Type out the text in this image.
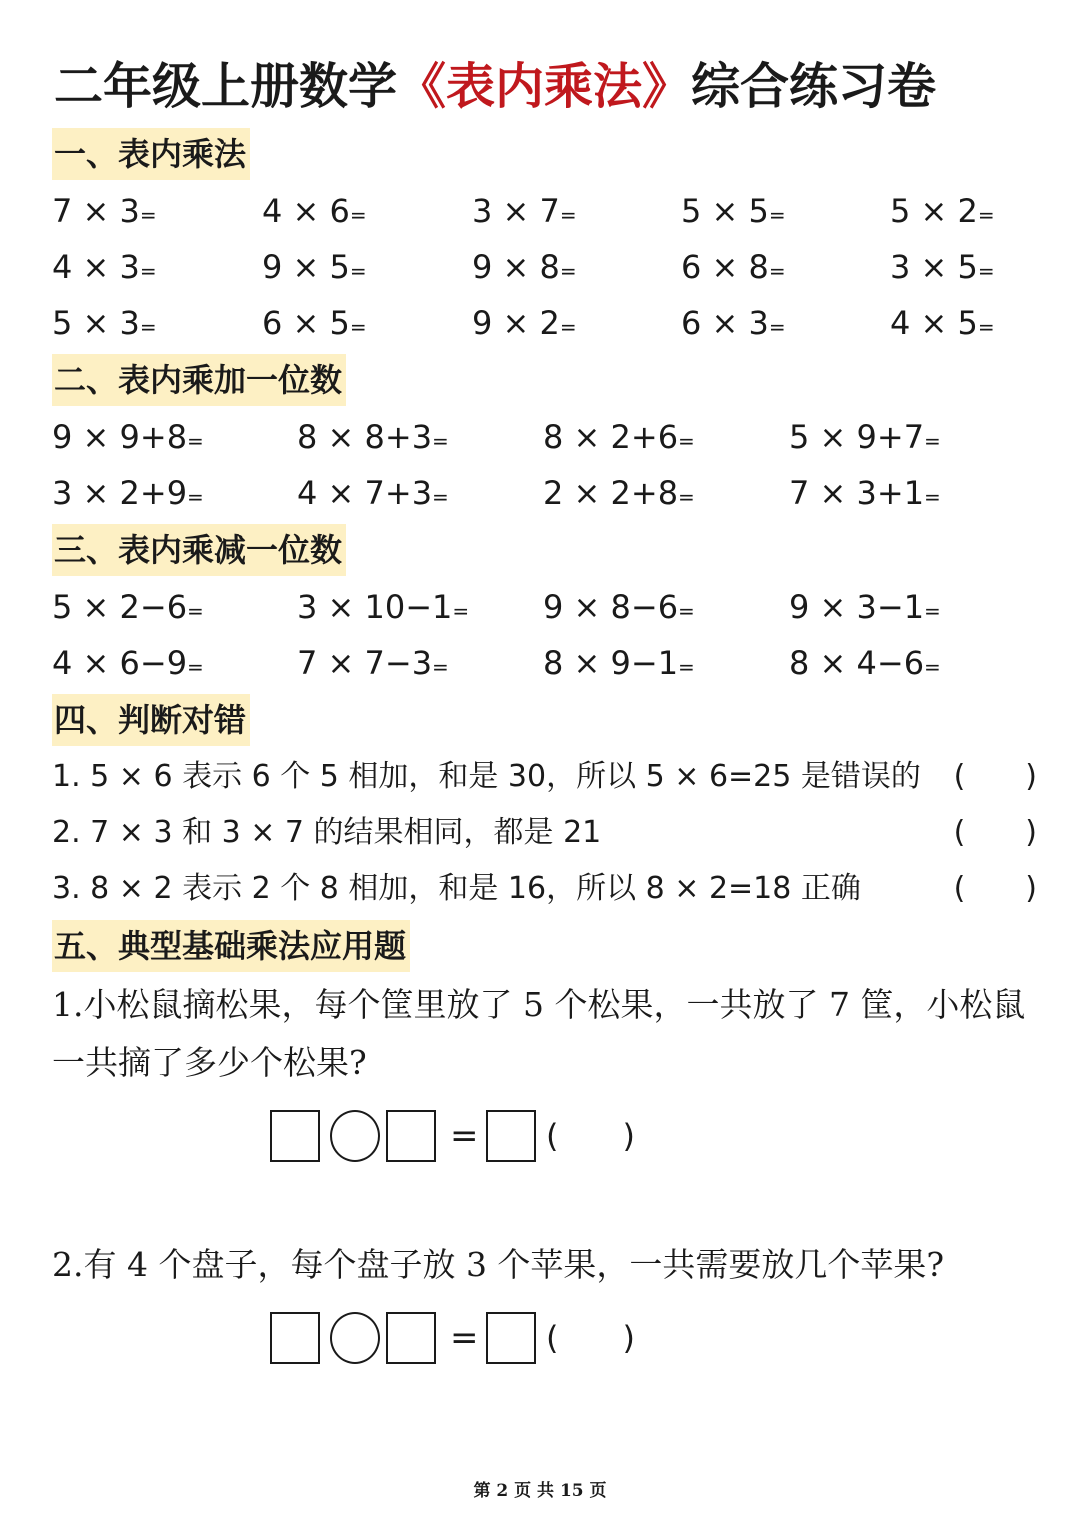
二年级上册数学《表内乘法》综合练习卷
一、表内乘法
7 × 3=	4 × 6=	3 × 7=	5 × 5=	5 × 2=
4 × 3=	9 × 5=	9 × 8=	6 × 8=	3 × 5=
5 × 3=	6 × 5=	9 × 2=	6 × 3=	4 × 5=
二、表内乘加一位数
9 × 9+8=	8 × 8+3=	8 × 2+6=	5 × 9+7=
3 × 2+9=	4 × 7+3=	2 × 2+8=	7 × 3+1=
三、表内乘减一位数
5 × 2−6=	3 × 10−1= 9 × 8−6=	9 × 3−1=
4 × 6−9=	7 × 7−3=	8 × 9−1=	8 × 4−6=
四、判断对错
1. 5 × 6 表示 6 个 5 相加，和是 30，所以 5 × 6=25 是错误的 (　　)
2. 7 × 3 和 3 × 7 的结果相同，都是 21	(　　)
3. 8 × 2 表示 2 个 8 相加，和是 16，所以 8 × 2=18 正确	(　　)
五、典型基础乘法应用题
1.小松鼠摘松果，每个筐里放了 5 个松果，一共放了 7 筐，小松鼠一共摘了多少个松果?
= (　　)
2.有 4 个盘子，每个盘子放 3 个苹果，一共需要放几个苹果?
= (　　)
第 2 页 共 15 页
